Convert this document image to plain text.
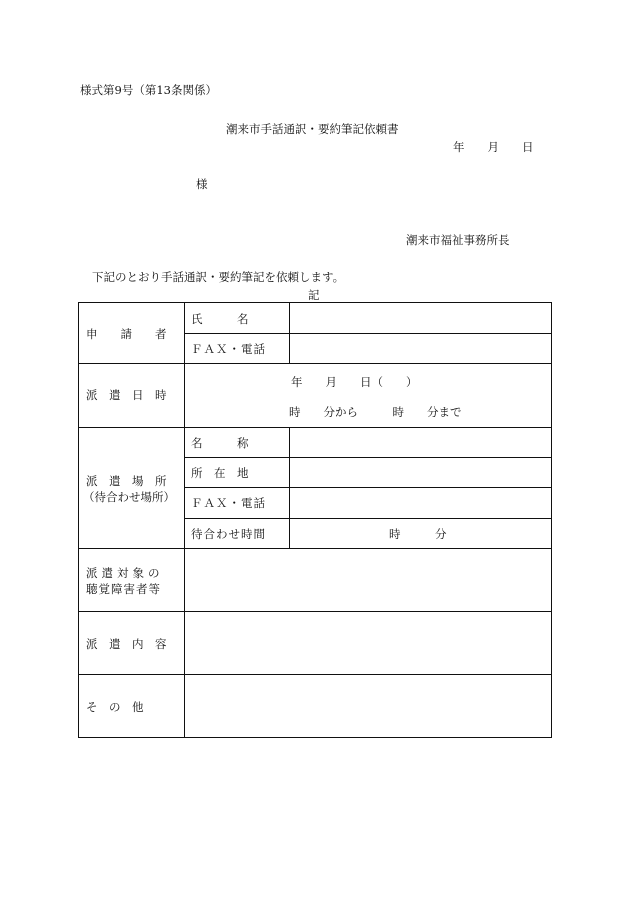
様式第9号（第13条関係）
潮来市手話通訳・要約筆記依頼書
年　　月　　日
様
潮来市福祉事務所長
下記のとおり手話通訳・要約筆記を依頼します。
記
申　　請　　者
氏　　　名
ＦＡＸ・電話
派　遣　日　時
年　　月　　日（　　）
時　　分から　　　時　　分まで
派　遣　場　所
（待合わせ場所）
名　　　称
所　在　地
ＦＡＸ・電話
待合わせ時間	時　　　分
派遣対象の
聴覚障害者等
派　遣　内　容
そ　の　他
